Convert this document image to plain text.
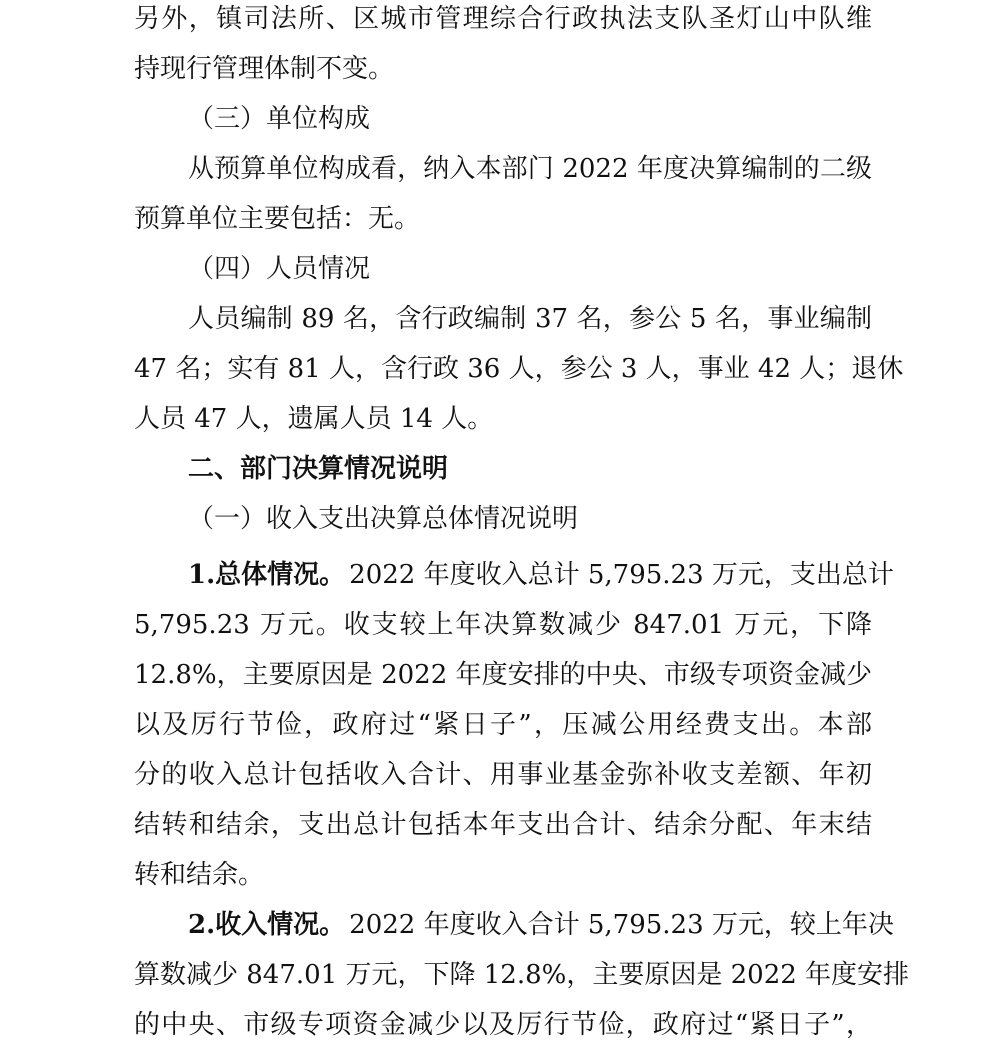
另外，镇司法所、区城市管理综合行政执法支队圣灯山中队维
持现行管理体制不变。
（三）单位构成
从预算单位构成看，纳入本部门 2022 年度决算编制的二级
预算单位主要包括：无。
（四）人员情况
人员编制 89 名，含行政编制 37 名，参公 5 名，事业编制
47 名；实有 81 人，含行政 36 人，参公 3 人，事业 42 人；退休
人员 47 人，遗属人员 14 人。
二、部门决算情况说明
（一）收入支出决算总体情况说明
1.总体情况。 2022 年度收入总计 5,795.23 万元，支出总计
5,795.23 万元。收支较上年决算数减少 847.01 万元，下降
12.8%，主要原因是 2022 年度安排的中央、市级专项资金减少
以及厉行节俭，政府过“紧日子”，压减公用经费支出。本部
分的收入总计包括收入合计、用事业基金弥补收支差额、年初
结转和结余，支出总计包括本年支出合计、结余分配、年末结
转和结余。
2.收入情况。 2022 年度收入合计 5,795.23 万元，较上年决
算数减少 847.01 万元，下降 12.8%，主要原因是 2022 年度安排
的中央、市级专项资金减少以及厉行节俭，政府过“紧日子”，
